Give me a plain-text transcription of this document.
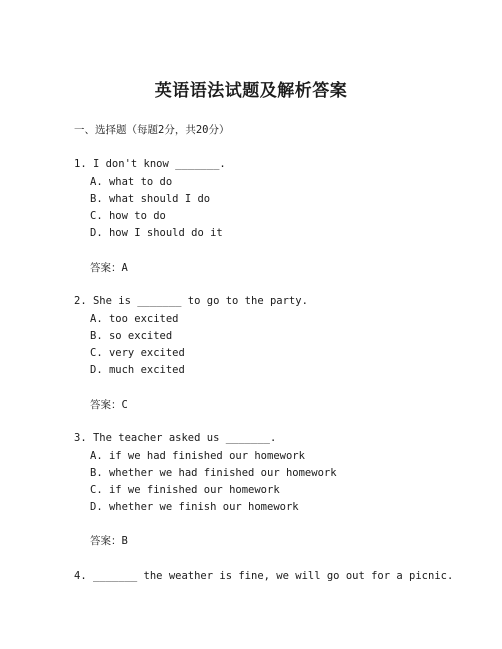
英语语法试题及解析答案
一、选择题（每题2分，共20分）
1. I don't know _______.
A. what to do
B. what should I do
C. how to do
D. how I should do it
答案：A
2. She is _______ to go to the party.
A. too excited
B. so excited
C. very excited
D. much excited
答案：C
3. The teacher asked us _______.
A. if we had finished our homework
B. whether we had finished our homework
C. if we finished our homework
D. whether we finish our homework
答案：B
4. _______ the weather is fine, we will go out for a picnic.
